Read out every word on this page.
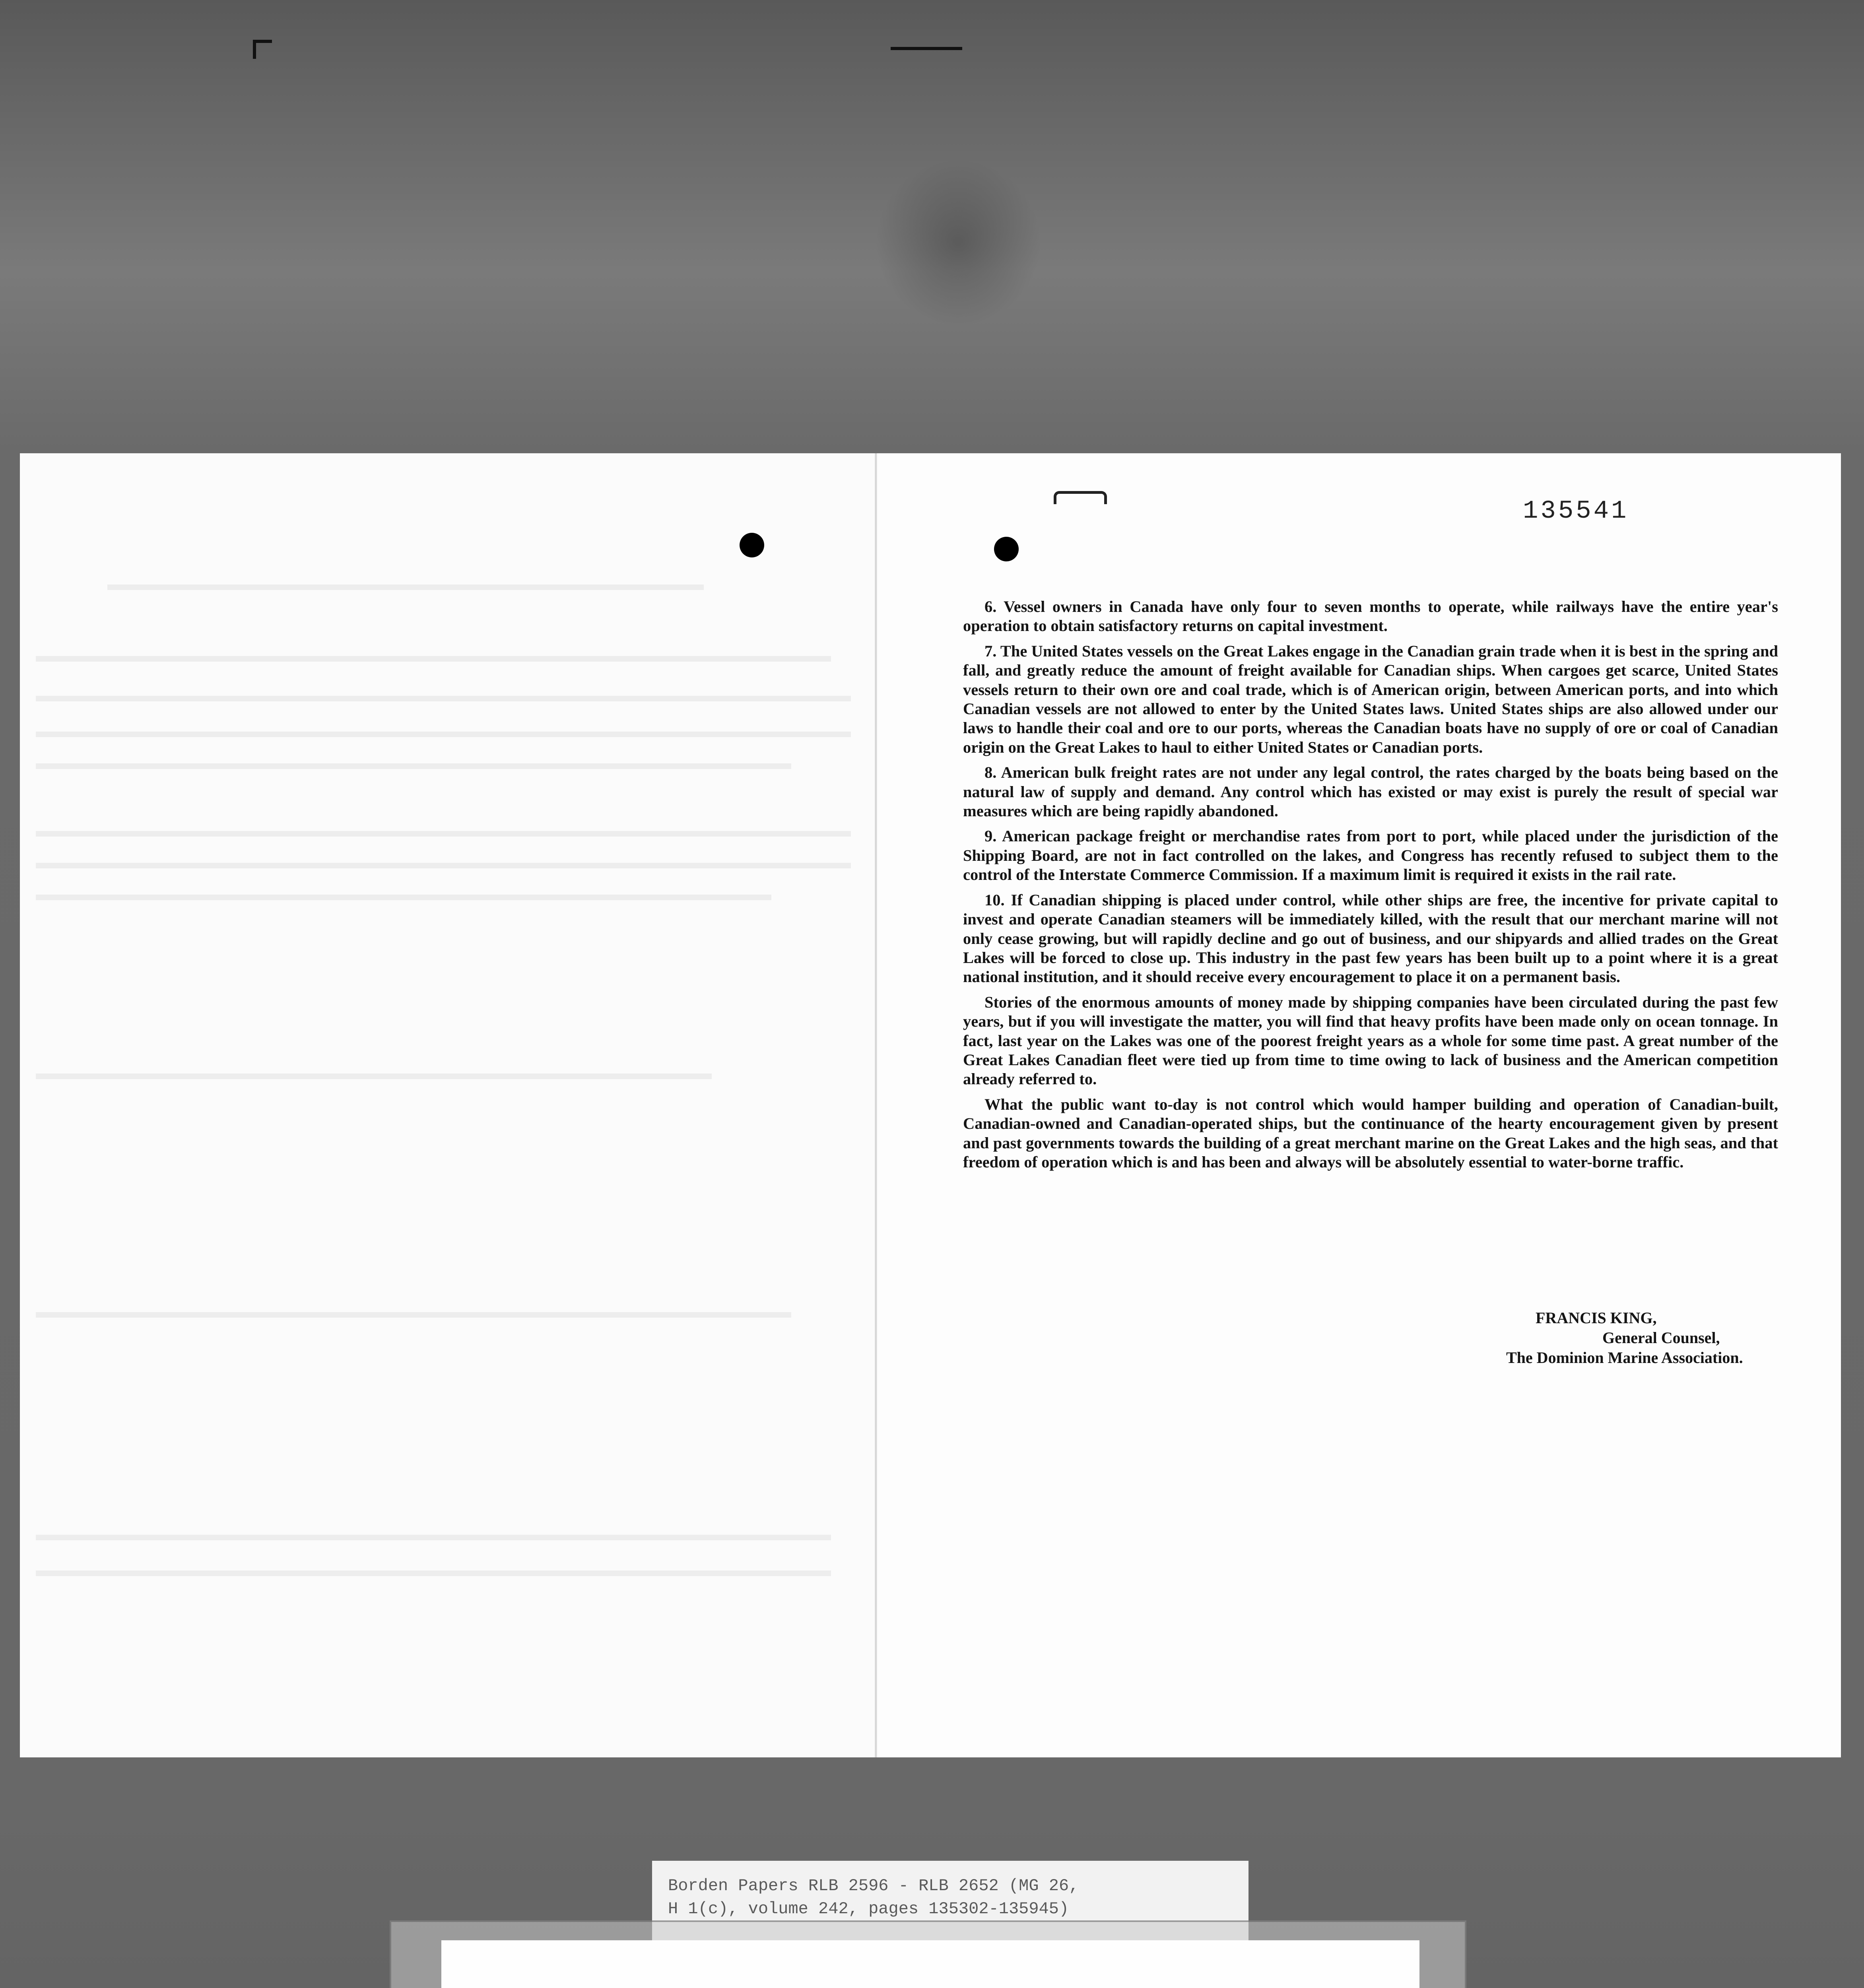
135541

6. Vessel owners in Canada have only four to seven months to operate, while railways have the entire year's operation to obtain satisfactory returns on capital investment.

7. The United States vessels on the Great Lakes engage in the Canadian grain trade when it is best in the spring and fall, and greatly reduce the amount of freight available for Canadian ships. When cargoes get scarce, United States vessels return to their own ore and coal trade, which is of American origin, between American ports, and into which Canadian vessels are not allowed to enter by the United States laws. United States ships are also allowed under our laws to handle their coal and ore to our ports, whereas the Canadian boats have no supply of ore or coal of Canadian origin on the Great Lakes to haul to either United States or Canadian ports.

8. American bulk freight rates are not under any legal control, the rates charged by the boats being based on the natural law of supply and demand. Any control which has existed or may exist is purely the result of special war measures which are being rapidly abandoned.

9. American package freight or merchandise rates from port to port, while placed under the jurisdiction of the Shipping Board, are not in fact controlled on the lakes, and Congress has recently refused to subject them to the control of the Interstate Commerce Commission. If a maximum limit is required it exists in the rail rate.

10. If Canadian shipping is placed under control, while other ships are free, the incentive for private capital to invest and operate Canadian steamers will be immediately killed, with the result that our merchant marine will not only cease growing, but will rapidly decline and go out of business, and our shipyards and allied trades on the Great Lakes will be forced to close up. This industry in the past few years has been built up to a point where it is a great national institution, and it should receive every encouragement to place it on a permanent basis.

Stories of the enormous amounts of money made by shipping companies have been circulated during the past few years, but if you will investigate the matter, you will find that heavy profits have been made only on ocean tonnage. In fact, last year on the Lakes was one of the poorest freight years as a whole for some time past. A great number of the Great Lakes Canadian fleet were tied up from time to time owing to lack of business and the American competition already referred to.

What the public want to-day is not control which would hamper building and operation of Canadian-built, Canadian-owned and Canadian-operated ships, but the continuance of the hearty encouragement given by present and past governments towards the building of a great merchant marine on the Great Lakes and the high seas, and that freedom of operation which is and has been and always will be absolutely essential to water-borne traffic.

FRANCIS KING,
General Counsel,
The Dominion Marine Association.
Borden Papers RLB 2596 - RLB 2652 (MG 26,
H 1(c), volume 242, pages 135302-135945)
